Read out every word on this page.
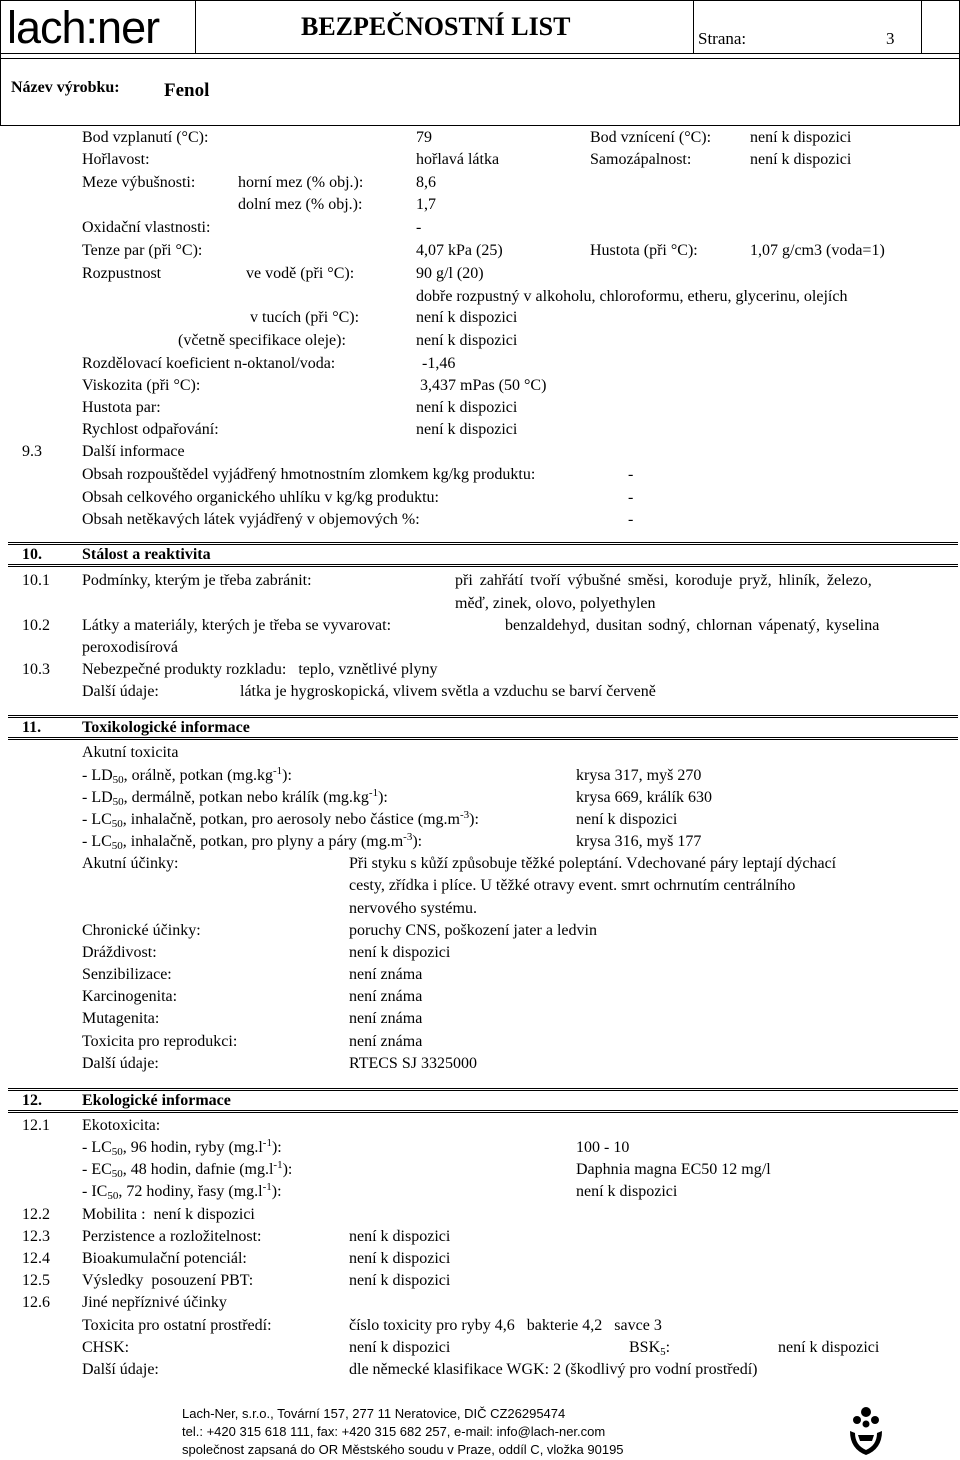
lach:ner	BEZPEČNOSTNÍ LIST	Strana:	3
Název výrobku: Fenol
Bod vzplanutí (°C):	79	Bod vznícení (°C): není k dispozici
Hořlavost:	hořlavá látka	Samozápalnost:	není k dispozici
Meze výbušnosti:	horní mez (% obj.):	8,6
dolní mez (% obj.):	1,7
Oxidační vlastnosti:	-
Tenze par (při °C):	4,07 kPa (25)	Hustota (při °C):	1,07 g/cm3 (voda=1)
Rozpustnost	ve vodě (při °C):	90 g/l (20)
dobře rozpustný v alkoholu, chloroformu, etheru, glycerinu, olejích
v tucích (při °C):	není k dispozici
(včetně specifikace oleje):	není k dispozici
Rozdělovací koeficient n-oktanol/voda:	-1,46
Viskozita (při °C):	3,437 mPas (50 °C)
Hustota par:	není k dispozici
Rychlost odpařování:	není k dispozici
9.3	Další informace
Obsah rozpouštědel vyjádřený hmotnostním zlomkem kg/kg produktu:	-
Obsah celkového organického uhlíku v kg/kg produktu:	-
Obsah netěkavých látek vyjádřený v objemových %:	-
10.	Stálost a reaktivita
10.1 Podmínky, kterým je třeba zabránit:	při zahřátí tvoří výbušné směsi, koroduje pryž, hliník, železo,
měď, zinek, olovo, polyethylen
10.2 Látky a materiály, kterých je třeba se vyvarovat:	benzaldehyd, dusitan sodný, chlornan vápenatý, kyselina
peroxodisírová
10.3 Nebezpečné produkty rozkladu:   teplo, vznětlivé plyny
Další údaje:	látka je hygroskopická, vlivem světla a vzduchu se barví červeně
11.	Toxikologické informace
Akutní toxicita
- $LD_{50}$, orálně, potkan $(mg.kg^{-1})$:	krysa 317, myš 270
- $LD_{50}$, dermálně, potkan nebo králík $(mg.kg^{-1})$:	krysa 669, králík 630
- $LC_{50}$, inhalačně, potkan, pro aerosoly nebo částice $(mg.m^{-3})$:	není k dispozici
- $LC_{50}$, inhalačně, potkan, pro plyny a páry $(mg.m^{-3})$:	krysa 316, myš 177
Akutní účinky:	Při styku s kůží způsobuje těžké poleptání. Vdechované páry leptají dýchací
cesty, zřídka i plíce. U těžké otravy event. smrt ochrnutím centrálního
nervového systému.
Chronické účinky:	poruchy CNS, poškození jater a ledvin
Dráždivost:	není k dispozici
Senzibilizace:	není známa
Karcinogenita:	není známa
Mutagenita:	není známa
Toxicita pro reprodukci:	není známa
Další údaje:	RTECS SJ 3325000
12.	Ekologické informace
12.1 Ekotoxicita:
- $LC_{50}$, 96 hodin, ryby $(mg.l^{-1})$:	100 - 10
- $EC_{50}$, 48 hodin, dafnie $(mg.l^{-1})$:	Daphnia magna EC50 12 mg/l
- $IC_{50}$, 72 hodiny, řasy $(mg.l^{-1})$:	není k dispozici
12.2 Mobilita :  není k dispozici
12.3 Perzistence a rozložitelnost:	není k dispozici
12.4 Bioakumulační potenciál:	není k dispozici
12.5 Výsledky  posouzení PBT:	není k dispozici
12.6 Jiné nepříznivé účinky
Toxicita pro ostatní prostředí:	číslo toxicity pro ryby 4,6   bakterie 4,2   savce 3
CHSK:	není k dispozici	$BSK_5$:	není k dispozici
Další údaje:	dle německé klasifikace WGK: 2 (škodlivý pro vodní prostředí)
Lach-Ner, s.r.o., Tovární 157, 277 11 Neratovice, DIČ CZ26295474
tel.: +420 315 618 111, fax: +420 315 682 257, e-mail: info@lach-ner.com
společnost zapsaná do OR Městského soudu v Praze, oddíl C, vložka 90195
